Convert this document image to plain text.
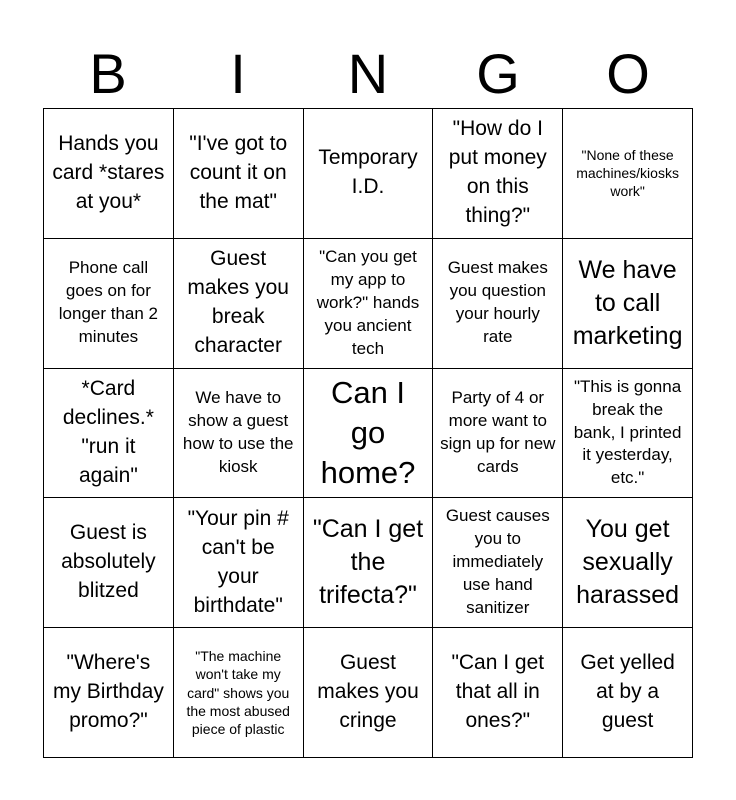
B	I	N	G	O
Hands you card *stares at you*
"I've got to count it on the mat"
Temporary I.D.
"How do I put money on this thing?"
"None of these machines/kiosks work"
Phone call goes on for longer than 2 minutes
Guest makes you break character
"Can you get my app to work?" hands you ancient tech
Guest makes you question your hourly rate
We have to call marketing
*Card declines.* "run it again"
We have to show a guest how to use the kiosk
Can I go home?
Party of 4 or more want to sign up for new cards
"This is gonna break the bank, I printed it yesterday, etc."
Guest is absolutely blitzed
"Your pin # can't be your birthdate"
"Can I get the trifecta?"
Guest causes you to immediately use hand sanitizer
You get sexually harassed
"Where's my Birthday promo?"
"The machine won't take my card" shows you the most abused piece of plastic
Guest makes you cringe
"Can I get that all in ones?"
Get yelled at by a guest
